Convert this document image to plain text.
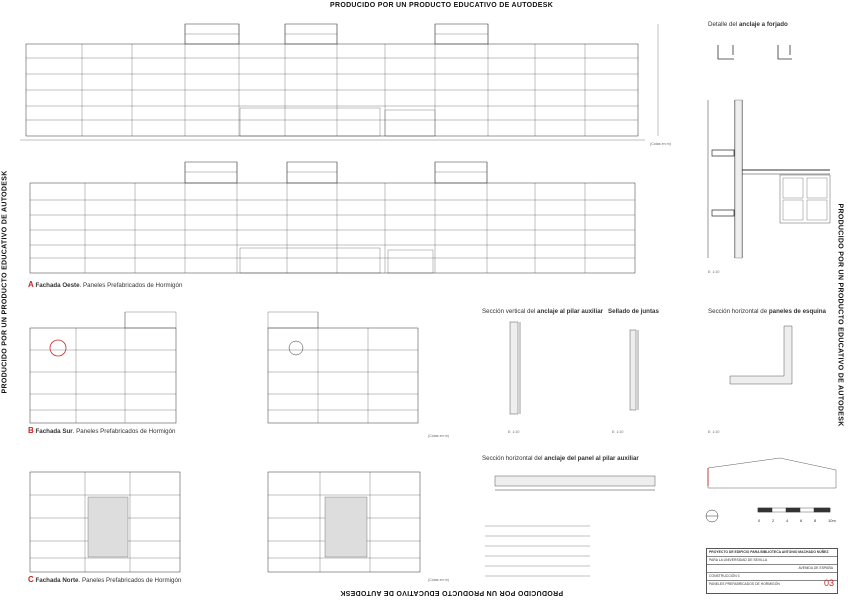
PRODUCIDO POR UN PRODUCTO EDUCATIVO DE AUTODESK
PRODUCIDO POR UN PRODUCTO EDUCATIVO DE AUTODESK
PRODUCIDO POR UN PRODUCTO EDUCATIVO DE AUTODESK	PRODUCIDO POR UN PRODUCTO EDUCATIVO DE AUTODESK
A Fachada Oeste. Paneles Prefabricados de Hormigón
B Fachada Sur. Paneles Prefabricados de Hormigón
C Fachada Norte. Paneles Prefabricados de Hormigón
Detalle del anclaje a forjado
Sección vertical del anclaje al pilar auxiliar Sellado de juntas	Sección horizontal de paneles de esquina
Sección horizontal del anclaje del panel al pilar auxiliar
(Cotas en m)
(Cotas en m)
(Cotas en m)
E: 1:10
E: 1:10	E: 1:10	E: 1:10
0	2	4	6	8	10m
PROYECTO DE EDIFICIO PARA BIBLIOTECA ANTONIO MACHADO NÚÑEZ
PARA LA UNIVERSIDAD DE SEVILLA
AVENIDA DE ESPAÑA
CONSTRUCCIÓN 3
PANELES PREFABRICADOS DE HORMIGÓN	03
